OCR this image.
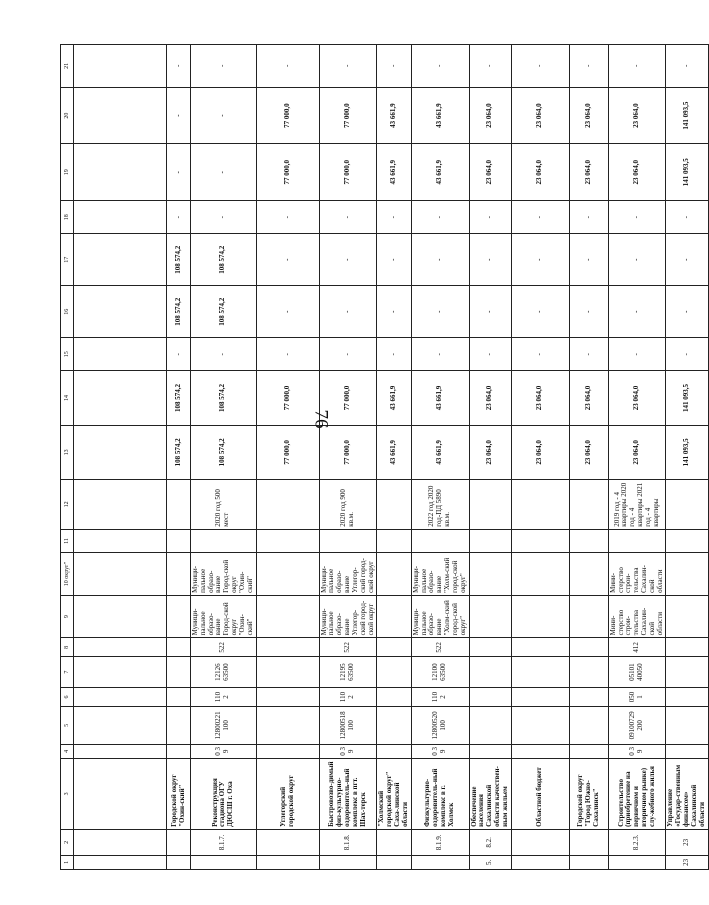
76
1	2	3	4	5	6	7	8	9	10 округ"	11	12	13	14	15	16	17	18	19	20	21

		Городской округ "Охин-ский"										108 574,2	108 574,2	-	108 574,2	108 574,2	-	-	-	-
	8.1.7.	Реконструкция стадиона ОГУ ДЮСШ г. Оха	0 3 9	12800221 100	110 2	12126 63500	522	Муници-пальное образо-вание Город-ской округ "Охин-ский"	Муници-пальное образо-вание Город-ской округ "Охин-ский"		2020 год 500 мест	108 574,2	108 574,2	-	108 574,2	108 574,2	-	-	-	-
		Углегорский городской округ										77 000,0	77 000,0	-	-	-	-	77 000,0	77 000,0	-
	8.1.8.	Быстровозво-димый физ-культурно-оздоровитель-ный комплекс в пгт. Шах-терск	0 3 9	12800518 100	110 2	12195 63500	522	Муници-пальное образо-вание Углегор-ский город-ской округ	Муници-пальное образо-вание Углегор-ский город-ской округ		2020 год 900 кв.м.	77 000,0	77 000,0	-	-	-	-	77 000,0	77 000,0	-
		"Холмский городской округ" Саха-линской области										43 661,9	43 661,9	-	-	-	-	43 661,9	43 661,9	-
	8.1.9.	Физкультурно-оздоровитель-ный комплекс в г. Холмск	0 3 9	12800520 100	110 2	12100 63500	522	Муници-пальное образо-вание "Холм-ский город-ской округ"	Муници-пальное образо-вание "Холм-ский город-ской округ"		2022 год 2020 год-ПД 5890 кв.м.	43 661,9	43 661,9	-	-	-	-	43 661,9	43 661,9	-
5.	8.2.	Обеспечение населения Сахалинской области качествен-ным жильем										23 064,0	23 064,0	-	-	-	-	23 064,0	23 064,0	-
		Областной бюджет										23 064,0	23 064,0	-	-	-	-	23 064,0	23 064,0	-
		Городской округ "Город Южно-Сахалинск"										23 064,0	23 064,0	-	-	-	-	23 064,0	23 064,0	-
	8.2.3.	Строительство (приобретение на первичном и вторичном рынке) слу-жебного жилья	0 3 9	09100729 200	050 1	05101 40050	412	Мини-стерство строи-тельства Сахалин-ской области	Мини-стерство строи-тельства Сахалин-ской области		2019 год - 4 квартиры 2020 год - 4 квартиры 2021 год - 4 квартиры	23 064,0	23 064,0	-	-	-	-	23 064,0	23 064,0	-
23	23	Управление «Государ-ственным финансом» Сахалинской области										141 093,5	141 093,5	-	-	-	-	141 093,5	141 093,5	-
